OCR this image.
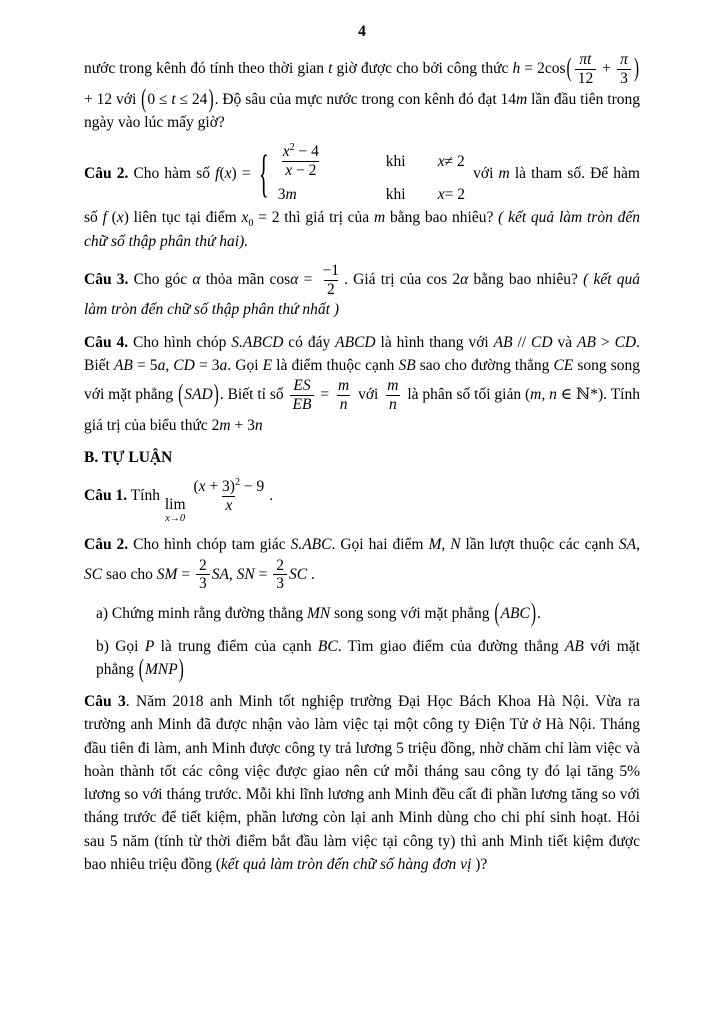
4

nước trong kênh đó tính theo thời gian t giờ được cho bởi công thức $h = 2\cos( \frac{\pi t}{12} + \frac{\pi}{3}$ ) + 12 với (0 ≤ t ≤ 24). Độ sâu của mực nước trong con kênh đó đạt 14m lần đầu tiên trong ngày vào lúc mấy giờ?

Câu 2. Cho hàm số f(x) = { $\frac{x^2 - 4}{x - 2}$	khi	x ≠ 2
3 m	khi	x = 2
với m là tham số. Để hàm số f (x) liên tục tại điểm $x_0 = 2$ thì giá trị của m bằng bao nhiêu? ( kết quả làm tròn đến chữ số thập phân thứ hai).

Câu 3. Cho góc α thỏa mãn $\cos\alpha = \frac{-1}{2}$ . Giá trị của cos 2α bằng bao nhiêu? ( kết quả làm tròn đến chữ số thập phân thứ nhất )

Câu 4. Cho hình chóp S.ABCD có đáy ABCD là hình thang với AB // CD và AB > CD. Biết AB = 5a, CD = 3a. Gọi E là điểm thuộc cạnh SB sao cho đường thẳng CE song song với mặt phẳng (SAD). Biết tỉ số $\frac{ES}{EB} = \frac{m}{n}$ với $\frac{m}{n}$ là phân số tối giản (m, n ∈ ℕ*). Tính giá trị của biểu thức 2m + 3n

B. TỰ LUẬN

Câu 1. Tính
lim
x→0
$\frac{(x + 3)^2 - 9}{x}$ .

Câu 2. Cho hình chóp tam giác S.ABC. Gọi hai điểm M, N lần lượt thuộc các cạnh SA, SC sao cho SM = $\frac{2}{3}$ SA, SN = $\frac{2}{3}$ SC .

a) Chứng minh rằng đường thẳng MN song song với mặt phẳng (ABC).

b) Gọi P là trung điểm của cạnh BC. Tìm giao điểm của đường thẳng AB với mặt phẳng (MNP)

Câu 3. Năm 2018 anh Minh tốt nghiệp trường Đại Học Bách Khoa Hà Nội. Vừa ra trường anh Minh đã được nhận vào làm việc tại một công ty Điện Tử ở Hà Nội. Tháng đầu tiên đi làm, anh Minh được công ty trả lương 5 triệu đồng, nhờ chăm chỉ làm việc và hoàn thành tốt các công việc được giao nên cứ mỗi tháng sau công ty đó lại tăng 5% lương so với tháng trước. Mỗi khi lĩnh lương anh Minh đều cất đi phần lương tăng so với tháng trước để tiết kiệm, phần lương còn lại anh Minh dùng cho chi phí sinh hoạt. Hỏi sau 5 năm (tính từ thời điểm bắt đầu làm việc tại công ty) thì anh Minh tiết kiệm được bao nhiêu triệu đồng (kết quả làm tròn đến chữ số hàng đơn vị )?
